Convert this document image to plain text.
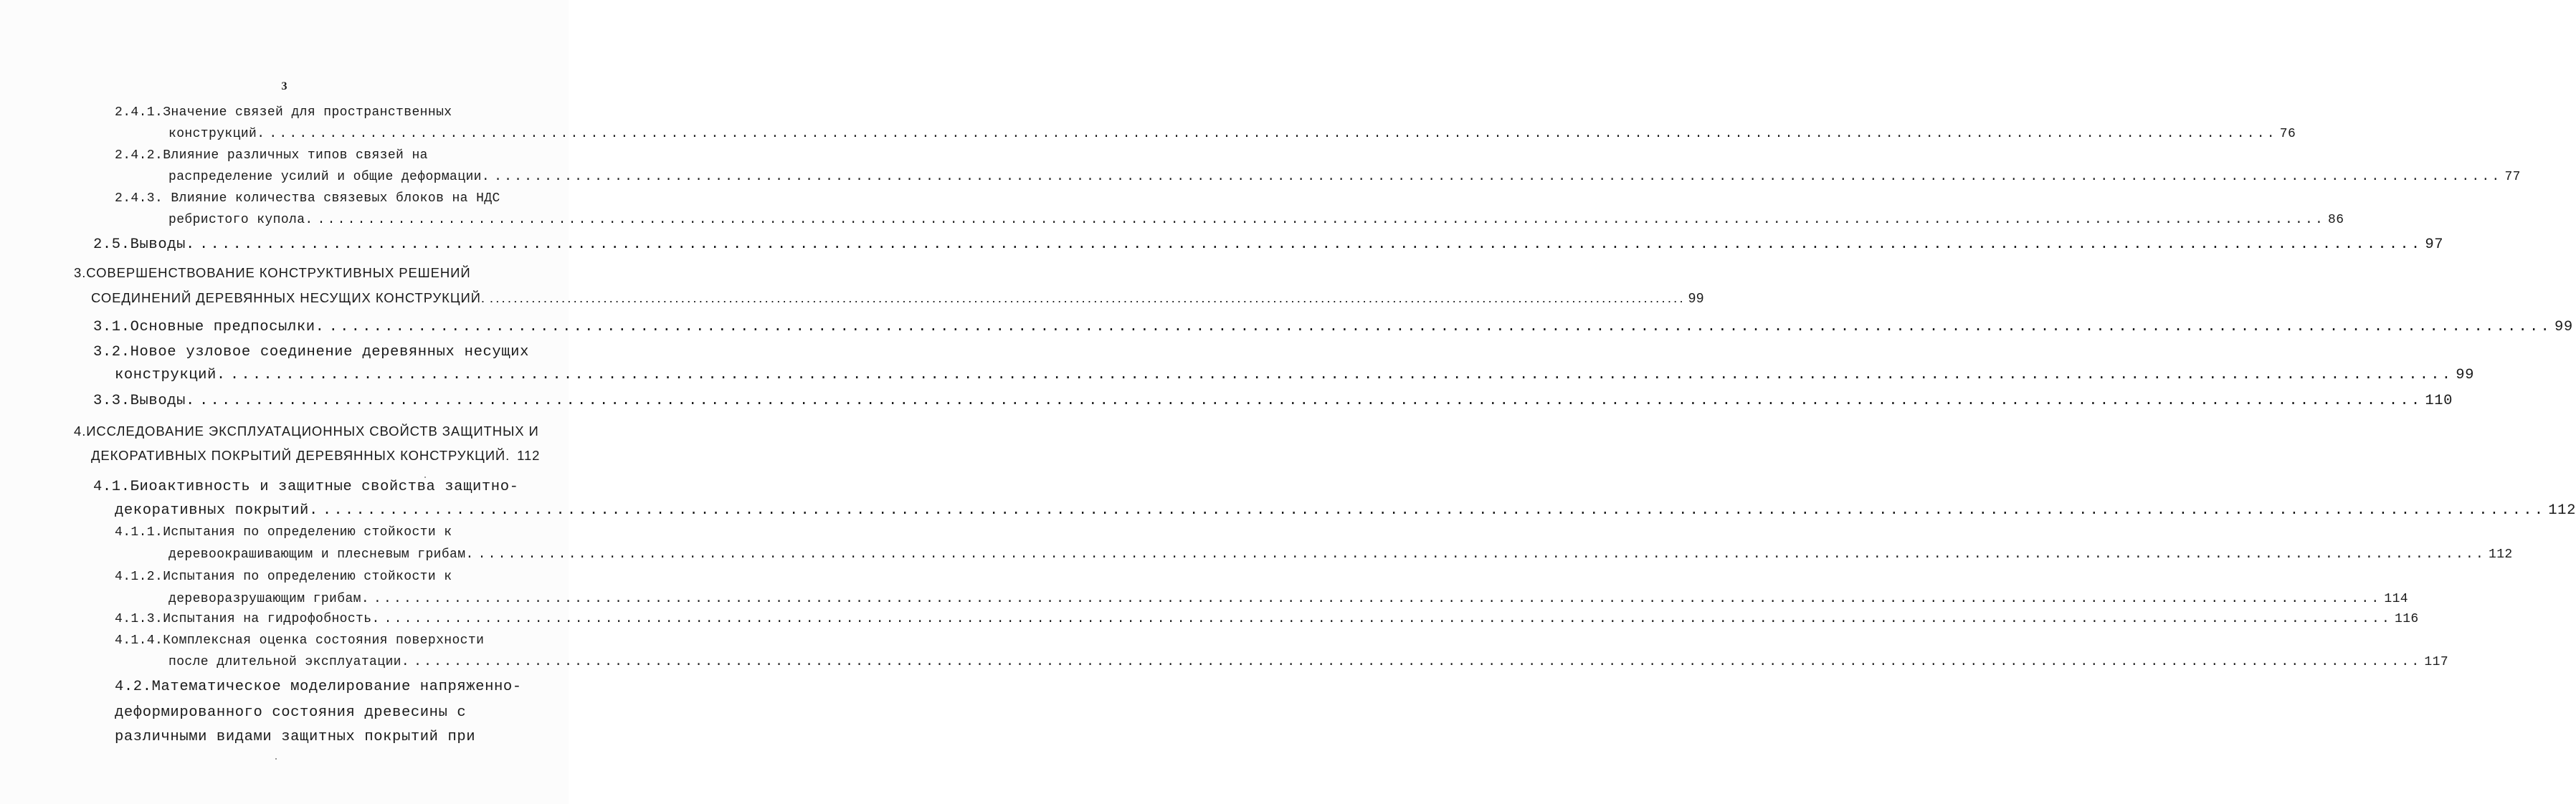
3
2.4.1.Значение связей для пространственных
конструкций. ........................................................................................................................................................................................................ 76
2.4.2.Влияние различных типов связей на
распределение усилий и общие деформации. ........................................................................................................................................................................................................ 77
2.4.3. Влияние количества связевых блоков на НДС
ребристого купола. ........................................................................................................................................................................................................ 86
2.5.Выводы. ........................................................................................................................................................................................................ 97
3.СОВЕРШЕНСТВОВАНИЕ КОНСТРУКТИВНЫХ РЕШЕНИЙ
СОЕДИНЕНИЙ ДЕРЕВЯННЫХ НЕСУЩИХ КОНСТРУКЦИЙ. ........................................................................................................................................................................................................ 99
3.1.Основные предпосылки. ........................................................................................................................................................................................................ 99
3.2.Новое узловое соединение деревянных несущих
конструкций. ........................................................................................................................................................................................................ 99
3.3.Выводы. ........................................................................................................................................................................................................ 110
4.ИССЛЕДОВАНИЕ ЭКСПЛУАТАЦИОННЫХ СВОЙСТВ ЗАЩИТНЫХ И
ДЕКОРАТИВНЫХ ПОКРЫТИЙ ДЕРЕВЯННЫХ КОНСТРУКЦИЙ. 112
4.1.Биоактивность и защитные свойства защитно-
декоративных покрытий. ........................................................................................................................................................................................................ 112
4.1.1.Испытания по определению стойкости к
деревоокрашивающим и плесневым грибам. ........................................................................................................................................................................................................ 112
4.1.2.Испытания по определению стойкости к
дереворазрушающим грибам. ........................................................................................................................................................................................................ 114
4.1.3.Испытания на гидрофобность. ........................................................................................................................................................................................................ 116
4.1.4.Комплексная оценка состояния поверхности
после длительной эксплуатации. ........................................................................................................................................................................................................ 117
4.2.Математическое моделирование напряженно-
деформированного состояния древесины с
различными видами защитных покрытий при
